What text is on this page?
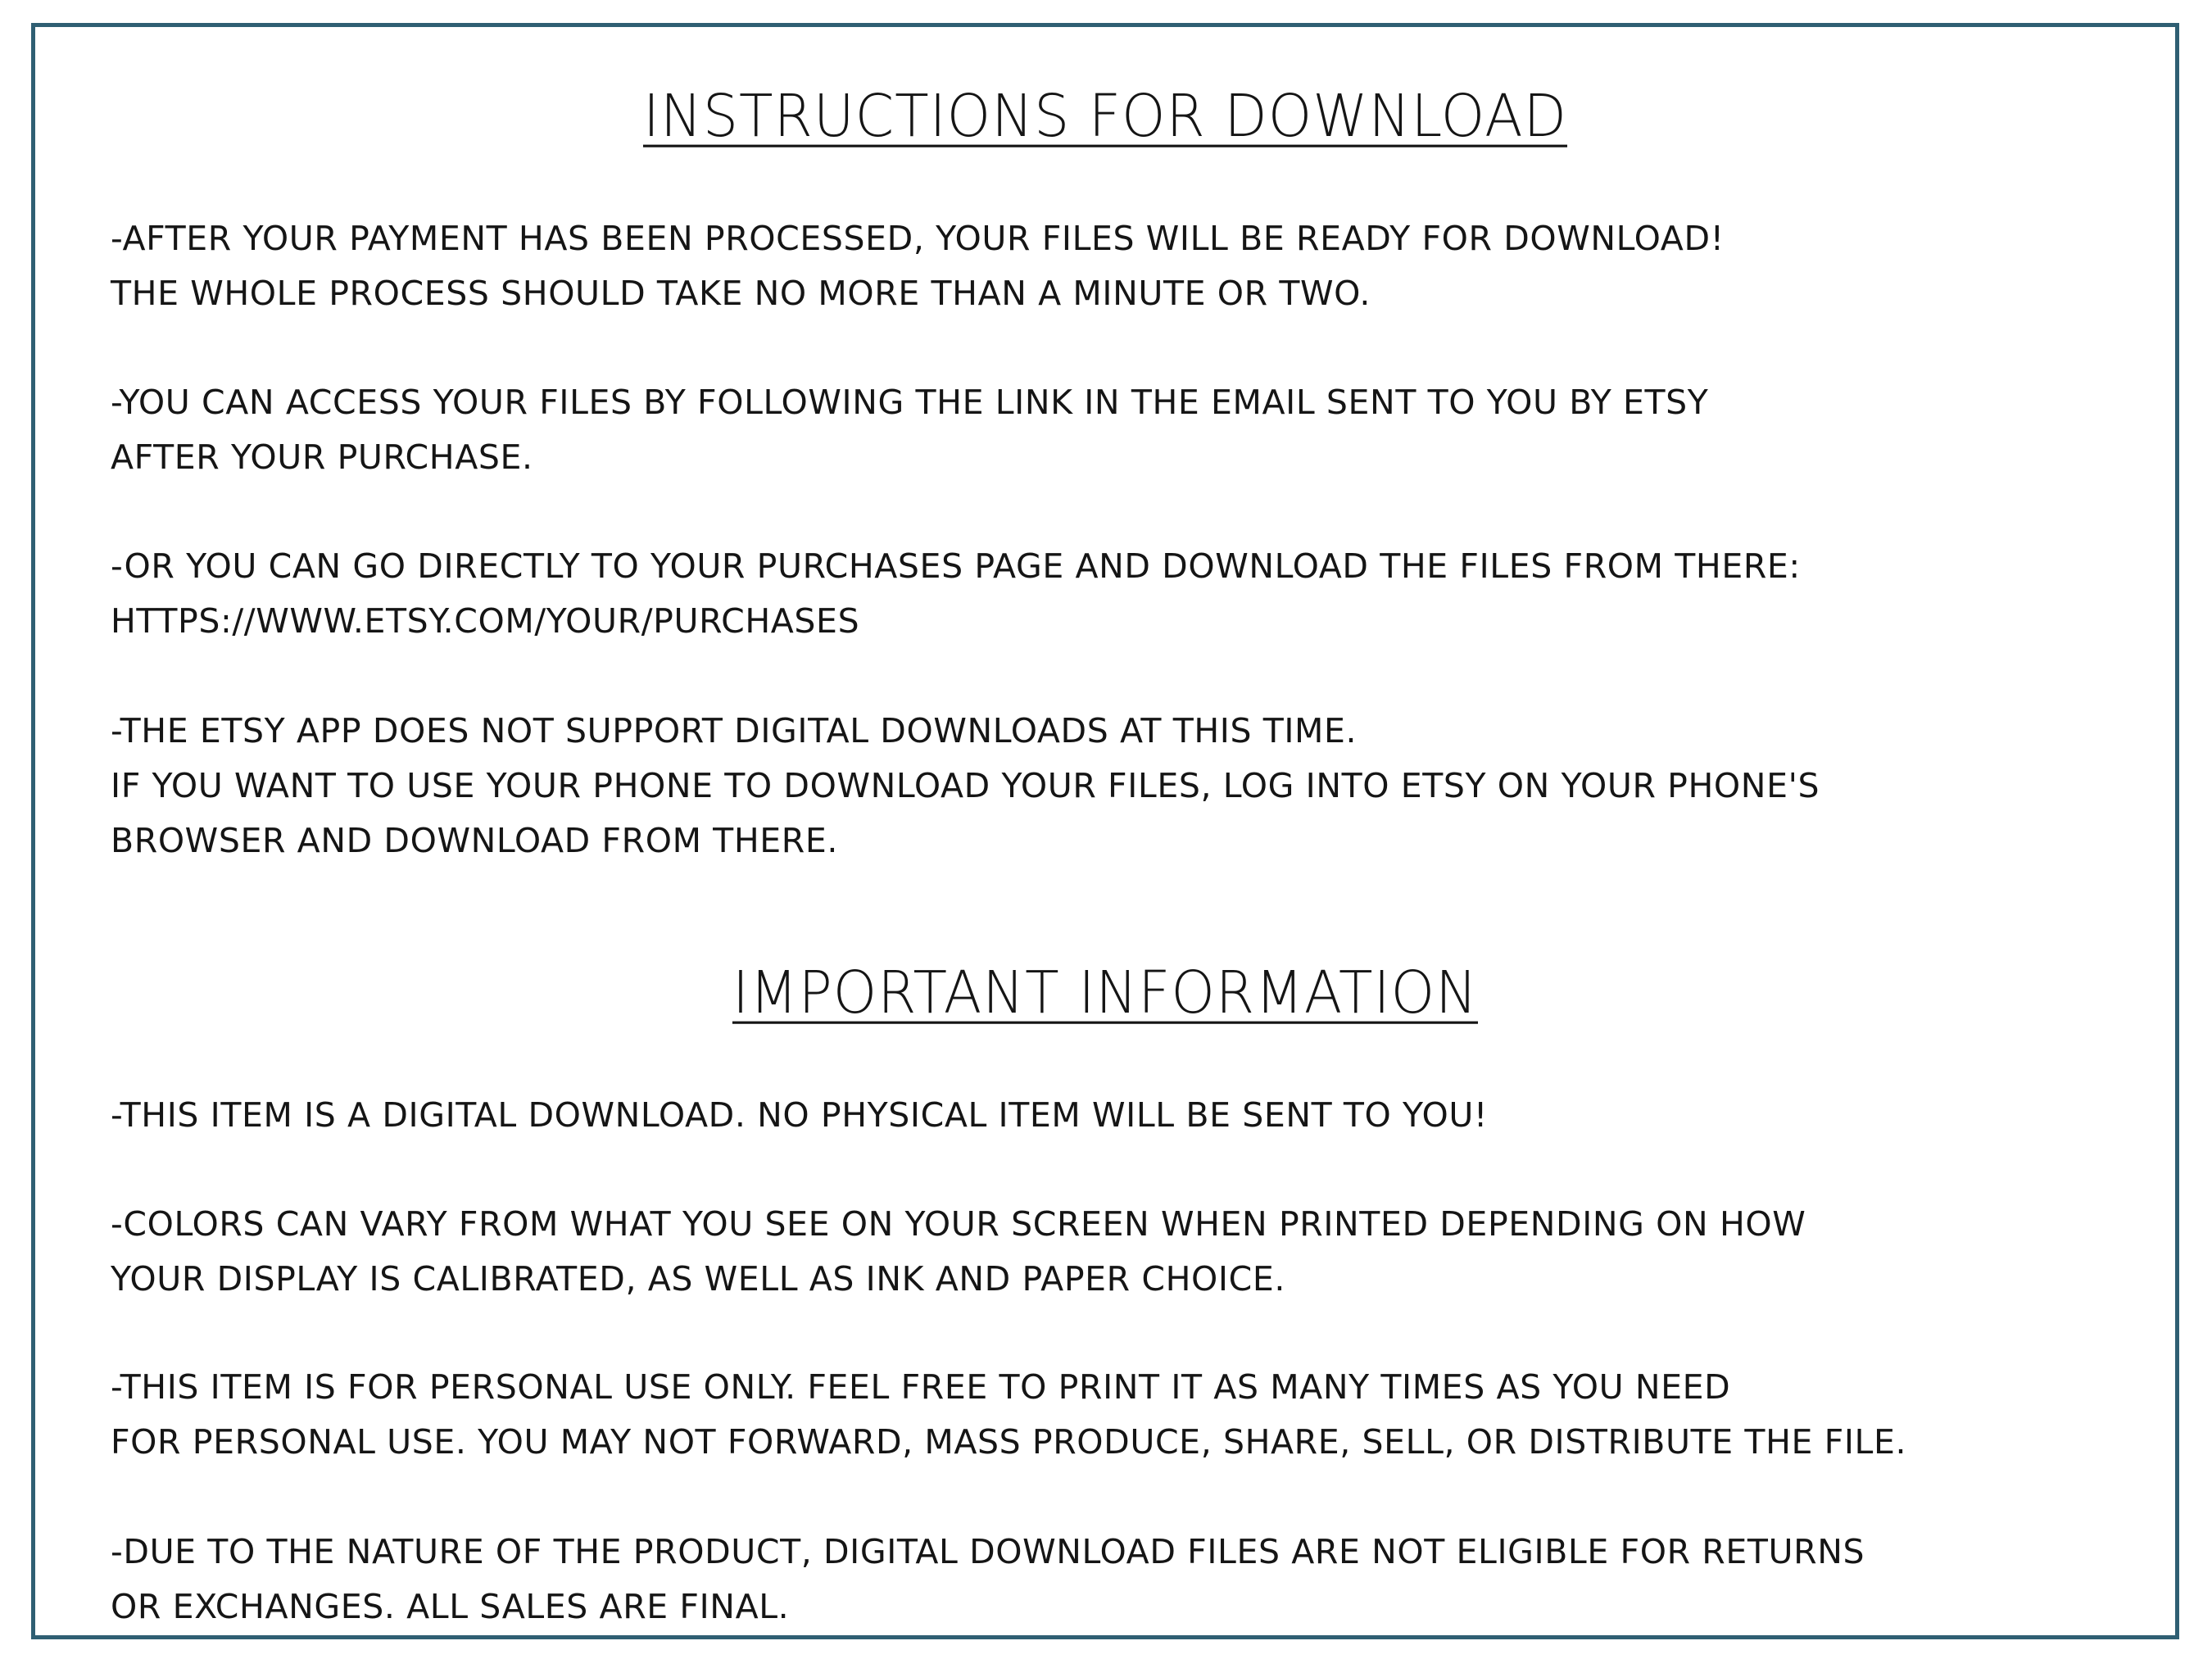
INSTRUCTIONS FOR DOWNLOAD

-AFTER YOUR PAYMENT HAS BEEN PROCESSED, YOUR FILES WILL BE READY FOR DOWNLOAD!
THE WHOLE PROCESS SHOULD TAKE NO MORE THAN A MINUTE OR TWO.

-YOU CAN ACCESS YOUR FILES BY FOLLOWING THE LINK IN THE EMAIL SENT TO YOU BY ETSY
AFTER YOUR PURCHASE.

-OR YOU CAN GO DIRECTLY TO YOUR PURCHASES PAGE AND DOWNLOAD THE FILES FROM THERE:
HTTPS://WWW.ETSY.COM/YOUR/PURCHASES

-THE ETSY APP DOES NOT SUPPORT DIGITAL DOWNLOADS AT THIS TIME.
IF YOU WANT TO USE YOUR PHONE TO DOWNLOAD YOUR FILES, LOG INTO ETSY ON YOUR PHONE'S
BROWSER AND DOWNLOAD FROM THERE.

IMPORTANT INFORMATION

-THIS ITEM IS A DIGITAL DOWNLOAD. NO PHYSICAL ITEM WILL BE SENT TO YOU!

-COLORS CAN VARY FROM WHAT YOU SEE ON YOUR SCREEN WHEN PRINTED DEPENDING ON HOW
YOUR DISPLAY IS CALIBRATED, AS WELL AS INK AND PAPER CHOICE.

-THIS ITEM IS FOR PERSONAL USE ONLY. FEEL FREE TO PRINT IT AS MANY TIMES AS YOU NEED
FOR PERSONAL USE. YOU MAY NOT FORWARD, MASS PRODUCE, SHARE, SELL, OR DISTRIBUTE THE FILE.

-DUE TO THE NATURE OF THE PRODUCT, DIGITAL DOWNLOAD FILES ARE NOT ELIGIBLE FOR RETURNS
OR EXCHANGES. ALL SALES ARE FINAL.
